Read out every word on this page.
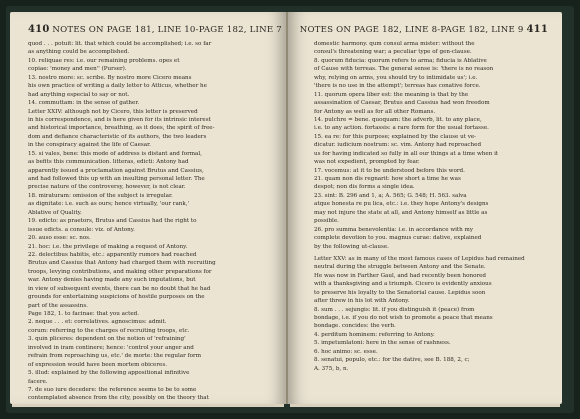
410 NOTES ON PAGE 181, LINE 10-PAGE 182, LINE 7
quod . . . potuit: lit. that which could be accomplished; i.e. so far
as anything could be accomplished.
10. reliquae res: i.e. our remaining problems. opes et
copiae: 'money and men'' (Purser).
13. nostro more: sc. scribe. By nostro more Cicero means
his own practice of writing a daily letter to Atticus, whether he
had anything especial to say or not.
14. commuttam: in the sense of gather.
Letter XXIV: although not by Cicero, this letter is preserved
in his correspondence, and is here given for its intrinsic interest
and historical importance, breathing, as it does, the spirit of free-
dom and defiance characteristic of its authors, the two leaders
in the conspiracy against the life of Caesar.
15. si vales, bene: this mode of address is distant and formal,
as befits this communication. litteras, edicti: Antony had
apparently issued a proclamation against Brutus and Cassius,
and had followed this up with an insulting personal letter. The
precise nature of the controversy, however, is not clear.
18. miraturam: omission of the subject is irregular.
as dignitate: i.e. such as ours; hence virtually, 'our rank,'
Ablative of Quality.
19. edicto: as praetors, Brutus and Cassius had the right to
issue edicts. a consule: viz. of Antony.
20. auso esse: sc. nos.
21. hoc: i.e. the privilege of making a request of Antony.
22. delectibus habitis, etc.: apparently rumors had reached
Brutus and Cassius that Antony had charged them with recruiting
troops, levying contributions, and making other preparations for
war. Antony denies having made any such imputations, but
in view of subsequent events, there can be no doubt that he had
grounds for entertaining suspicions of hostile purposes on the
part of the assassins.
Page 182, 1. to facinae: that you acted.
2. neque . . . et: correlatives. agnoscimus: admit.
corum: referring to the charges of recruiting troops, etc.
3. quin pliceres: dependent on the notion of 'refraining'
involved in iram continere; hence: 'control your anger and
refrain from reproaching us, etc.' de morte: the regular form
of expression would have been mortem obiceres.
5. illud: explained by the following appositional infinitive
facere.
7. de suo iure decedere: the reference seems to be to some
contemplated absence from the city, possibly on the theory that
NOTES ON PAGE 182, LINE 8-PAGE 182, LINE 9 411
domestic harmony. qum consul arma mister: without the
consul's threatening war; a peculiar type of gen-clause.
8. quorum fiducia: quorum refers to arma; fiducia is Ablative
of Cause with terreas. The general sense is: 'there is no reason
why, relying on arms, you should try to intimidate us'; i.e.
'there is no use in the attempt'; terreas has conative force.
11. quorum opera liber est: the meaning is that by the
assassination of Caesar, Brutus and Cassius had won freedom
for Antony as well as for all other Romans.
14. pulchre = bene. quoquam: the adverb, lit. to any place,
i.e. to any action. fortassis: a rare form for the usual fortasse.
15. ea re: for this purpose; explained by the clause ut ve-
dicatur. iudicium nostrum: sc. vim. Antony had reproached
us for having indicated so fully in all our things at a time when it
was not expedient, prompted by fear.
17. vocemus: at it to be understood before this word.
21. quam non dis regnarit: how short a time he was
despot; non dis forms a single idea.
23. sint: B. 296 and 1, a; A. 565; G. 548; H. 563. salva
atque honesta re pu lica, etc.: i.e. they hope Antony's designs
may not injure the state at all, and Antony himself as little as
possible.
26. pro summa benevolentia: i.e. in accordance with my
complete devotion to you. magnus curae: dative, explained
by the following ut-clause.
Letter XXV: as in many of the most famous cases of Lepidus had remained
neutral during the struggle between Antony and the Senate.
He was now in Farther Gaul, and had recently been honored
with a thanksgiving and a triumph. Cicero is evidently anxious
to preserve his loyalty to the Senatorial cause. Lepidus soon
after threw in his lot with Antony.
8. sum . . . sejungis: lit. if you distinguish it (peace) from
bondage, i.e. if you do not wish to promote a peace that means
bondage. concides: the verb.
4. perditum hominem: referring to Antony.
5. impetumlatoni: here in the sense of rashness.
6. hoc animo: sc. esse.
8. senatui, populo, etc.: for the dative, see B. 188, 2, c;
A. 375, b, n.
